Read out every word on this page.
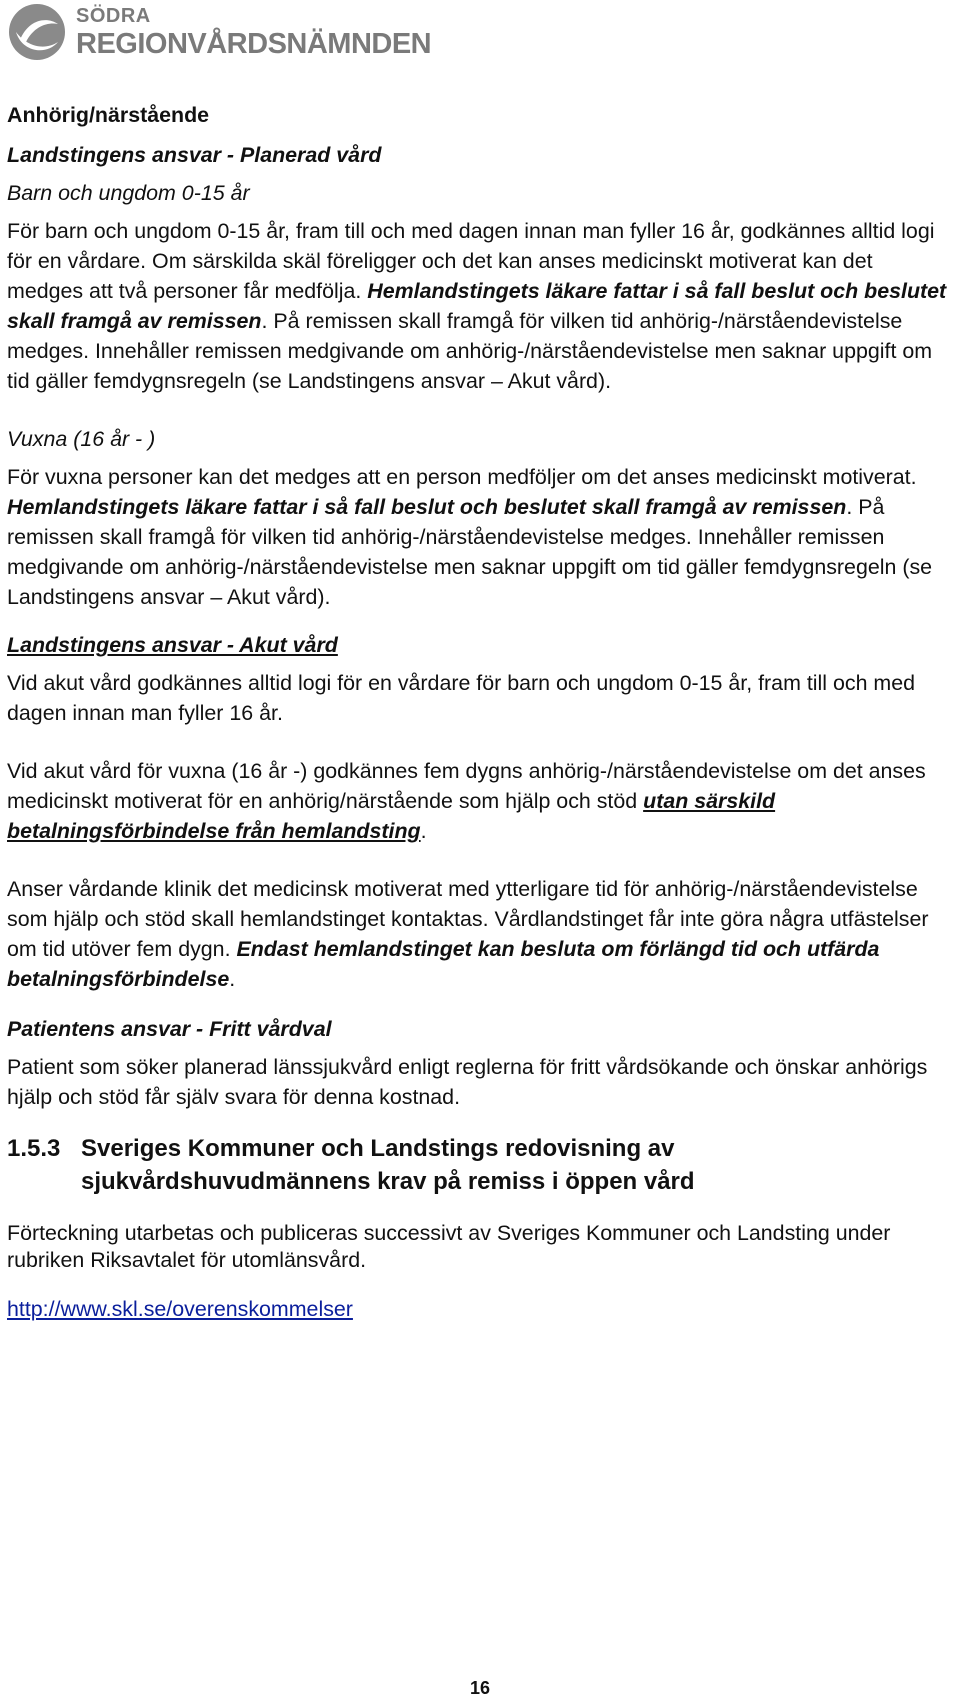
SÖDRA
REGIONVÅRDSNÄMNDEN

Anhörig/närstående

Landstingens ansvar - Planerad vård

Barn och ungdom 0-15 år

För barn och ungdom 0-15 år, fram till och med dagen innan man fyller 16 år, godkännes alltid logi för en vårdare. Om särskilda skäl föreligger och det kan anses medicinskt motiverat kan det medges att två personer får medfölja. Hemlandstingets läkare fattar i så fall beslut och beslutet skall framgå av remissen. På remissen skall framgå för vilken tid anhörig-/närståendevistelse medges. Innehåller remissen medgivande om anhörig-/närståendevistelse men saknar uppgift om tid gäller femdygnsregeln (se Landstingens ansvar – Akut vård).

Vuxna (16 år - )

För vuxna personer kan det medges att en person medföljer om det anses medicinskt motiverat. Hemlandstingets läkare fattar i så fall beslut och beslutet skall framgå av remissen. På remissen skall framgå för vilken tid anhörig-/närståendevistelse medges. Innehåller remissen medgivande om anhörig-/närståendevistelse men saknar uppgift om tid gäller femdygnsregeln (se Landstingens ansvar – Akut vård).

Landstingens ansvar - Akut vård

Vid akut vård godkännes alltid logi för en vårdare för barn och ungdom 0-15 år, fram till och med dagen innan man fyller 16 år.

Vid akut vård för vuxna (16 år -) godkännes fem dygns anhörig-/närståendevistelse om det anses medicinskt motiverat för en anhörig/närstående som hjälp och stöd utan särskild betalningsförbindelse från hemlandsting.

Anser vårdande klinik det medicinsk motiverat med ytterligare tid för anhörig-/närståendevistelse som hjälp och stöd skall hemlandstinget kontaktas. Vårdlandstinget får inte göra några utfästelser om tid utöver fem dygn. Endast hemlandstinget kan besluta om förlängd tid och utfärda betalningsförbindelse.

Patientens ansvar - Fritt vårdval

Patient som söker planerad länssjukvård enligt reglerna för fritt vårdsökande och önskar anhörigs hjälp och stöd får själv svara för denna kostnad.

1.5.3 Sveriges Kommuner och Landstings redovisning av sjukvårdshuvudmännens krav på remiss i öppen vård

Förteckning utarbetas och publiceras successivt av Sveriges Kommuner och Landsting under rubriken Riksavtalet för utomlänsvård.

http://www.skl.se/overenskommelser

16
